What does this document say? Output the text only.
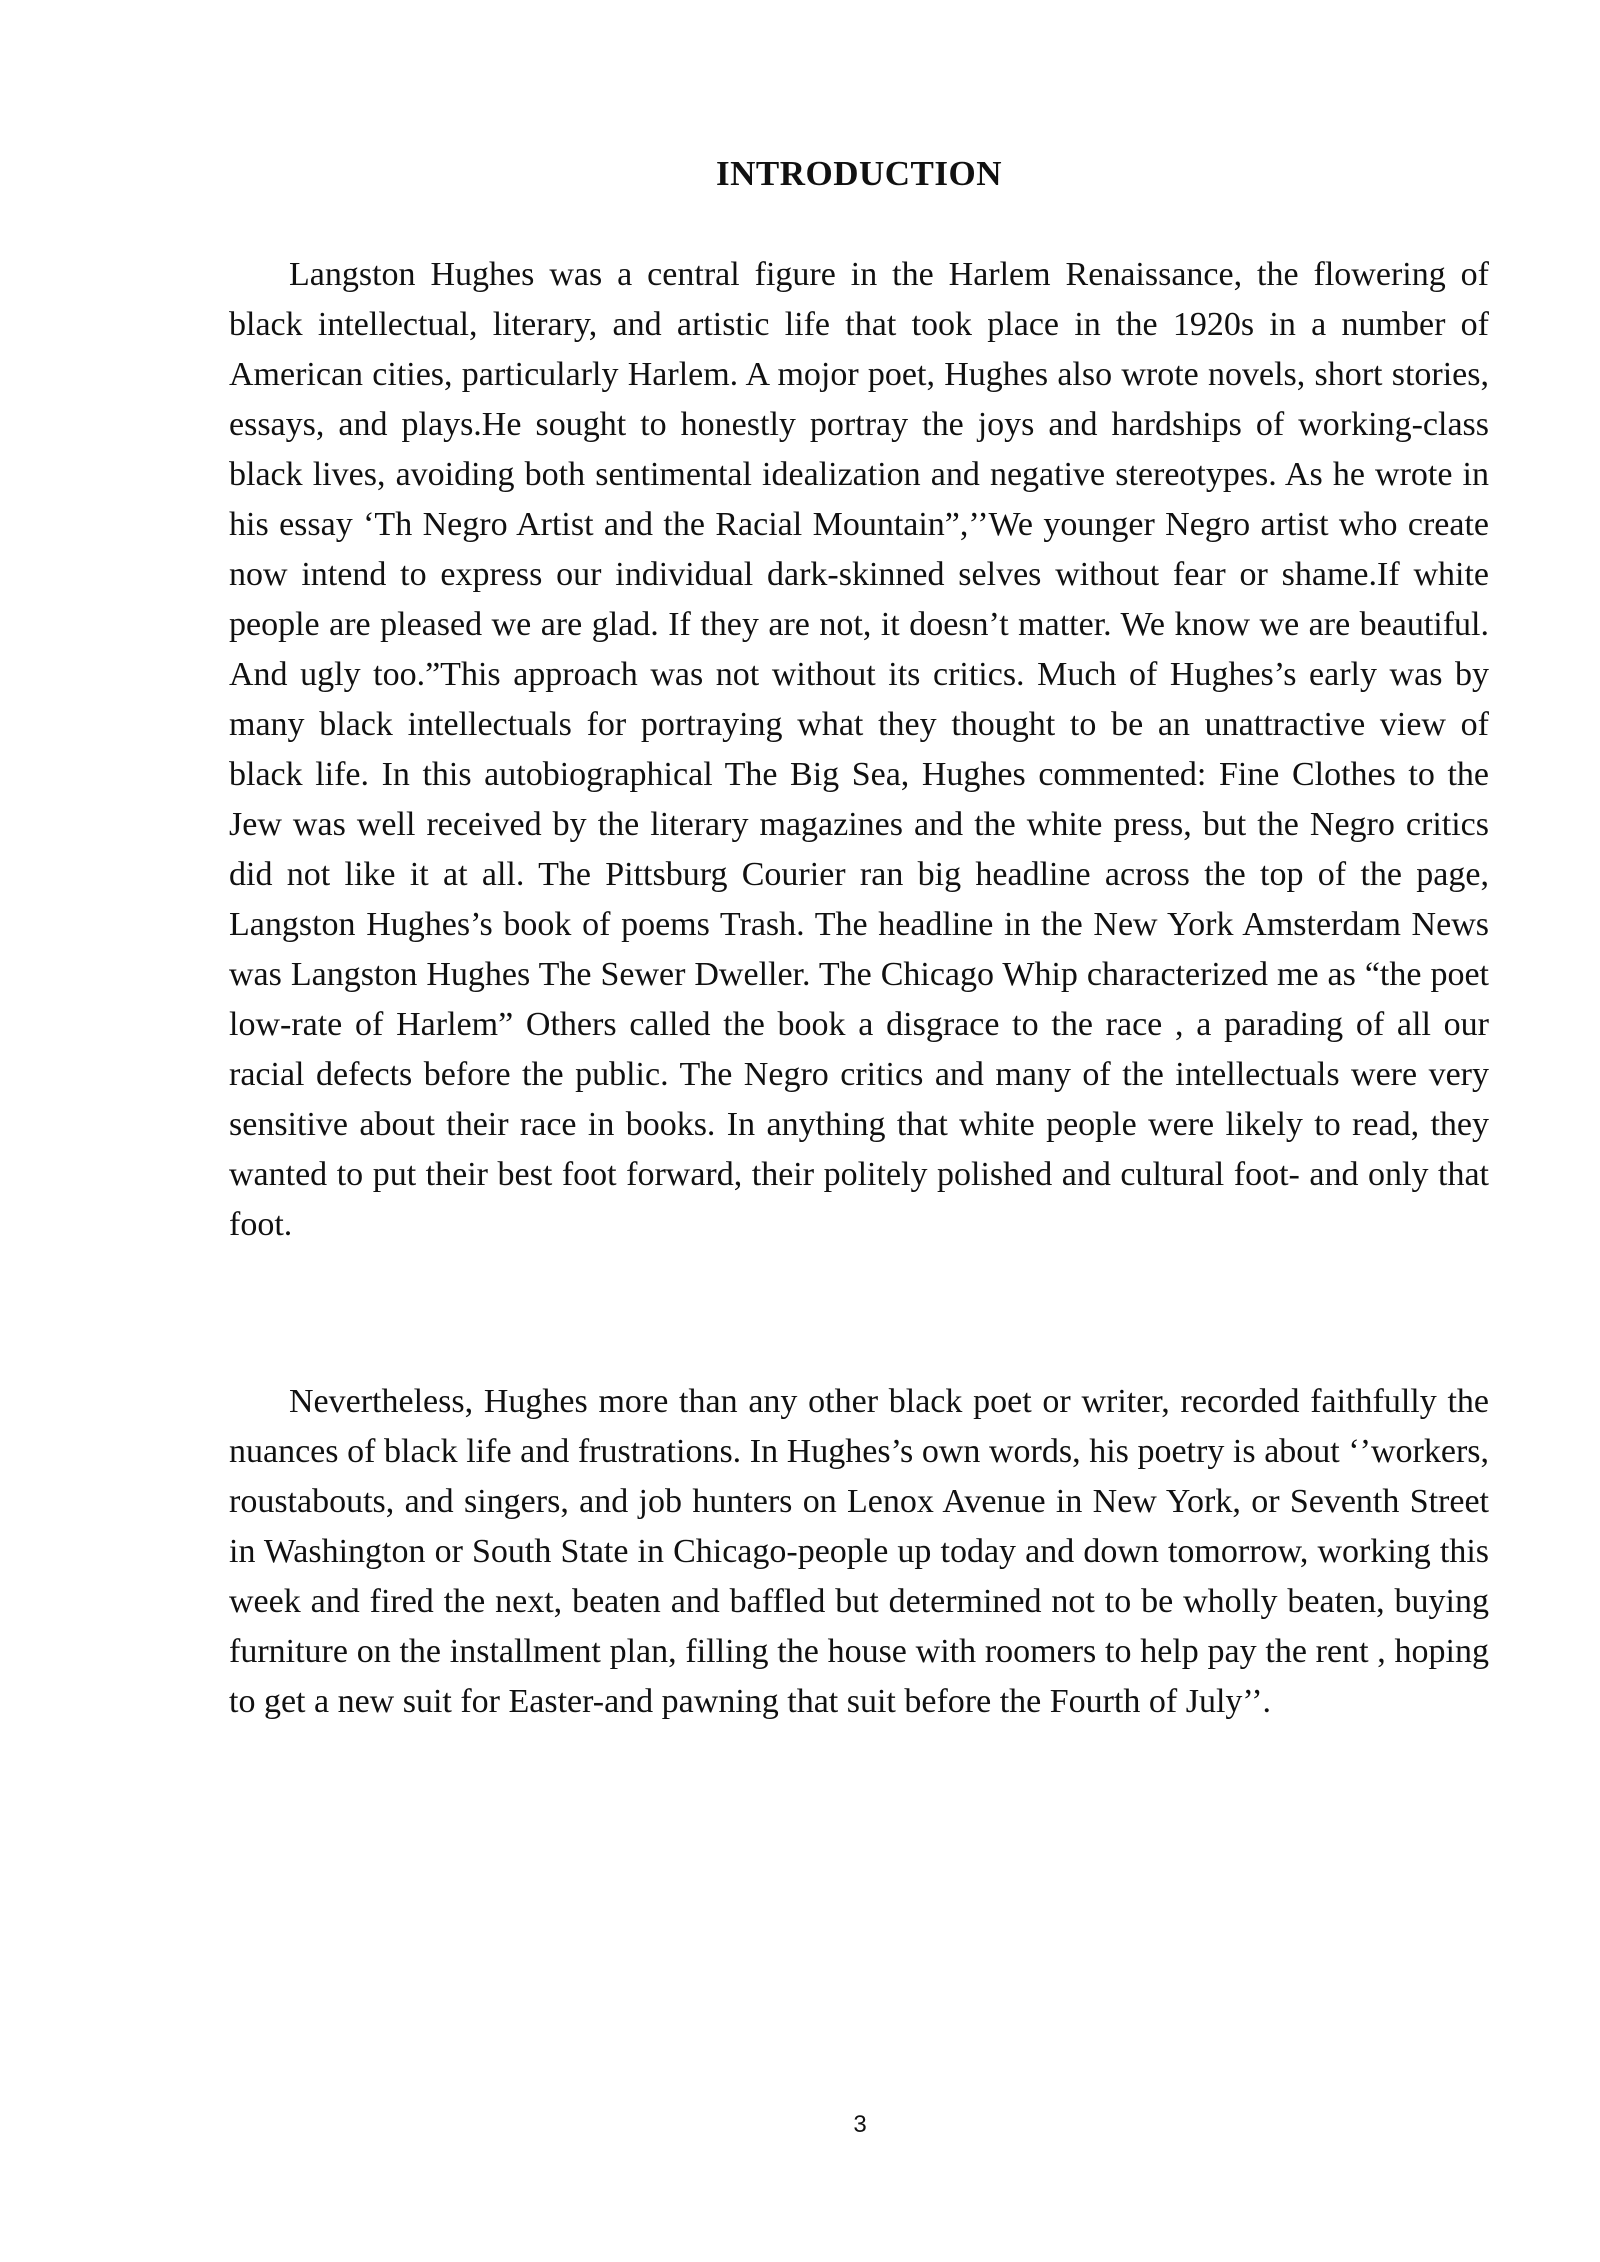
INTRODUCTION

Langston Hughes was a central figure in the Harlem Renaissance, the flowering of black intellectual, literary, and artistic life that took place in the 1920s in a number of American cities, particularly Harlem. A mojor poet, Hughes also wrote novels, short stories, essays, and plays.He sought to honestly portray the joys and hardships of working-class black lives, avoiding both sentimental idealization and negative stereotypes. As he wrote in his essay ‘Th Negro Artist and the Racial Mountain”,’’We younger Negro artist who create now intend to express our individual dark-skinned selves without fear or shame.If white people are pleased we are glad. If they are not, it doesn’t matter. We know we are beautiful. And ugly too.”This approach was not without its critics. Much of Hughes’s early was by many black intellectuals for portraying what they thought to be an unattractive view of black life. In this autobiographical The Big Sea, Hughes commented: Fine Clothes to the Jew was well received by the literary magazines and the white press, but the Negro critics did not like it at all. The Pittsburg Courier ran big headline across the top of the page, Langston Hughes’s book of poems Trash. The headline in the New York Amsterdam News was Langston Hughes The Sewer Dweller. The Chicago Whip characterized me as “the poet low-rate of Harlem” Others called the book a disgrace to the race , a parading of all our racial defects before the public. The Negro critics and many of the intellectuals were very sensitive about their race in books. In anything that white people were likely to read, they wanted to put their best foot forward, their politely polished and cultural foot- and only that foot.

Nevertheless, Hughes more than any other black poet or writer, recorded faithfully the nuances of black life and frustrations. In Hughes’s own words, his poetry is about ‘’workers, roustabouts, and singers, and job hunters on Lenox Avenue in New York, or Seventh Street in Washington or South State in Chicago-people up today and down tomorrow, working this week and fired the next, beaten and baffled but determined not to be wholly beaten, buying furniture on the installment plan, filling the house with roomers to help pay the rent , hoping to get a new suit for Easter-and pawning that suit before the Fourth of July’’.

3
